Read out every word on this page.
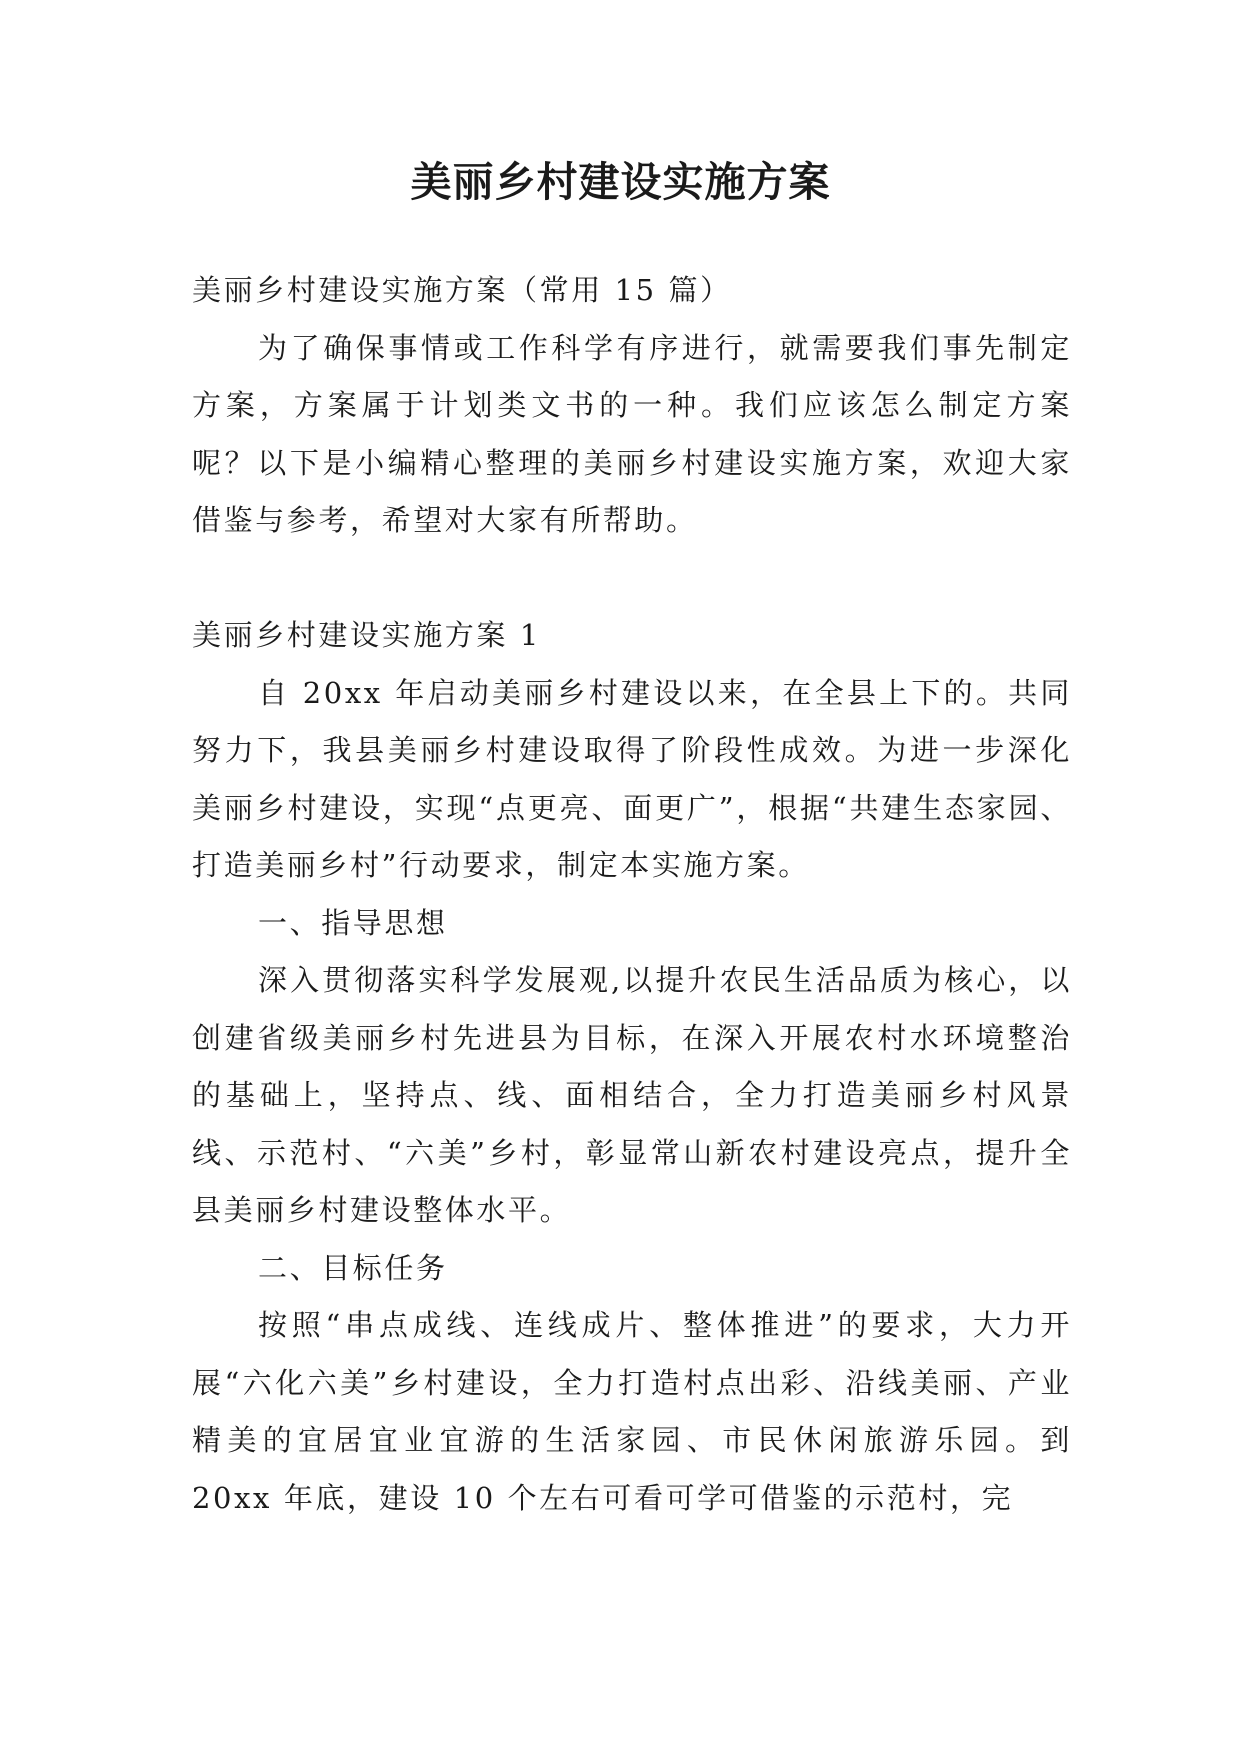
美丽乡村建设实施方案

美丽乡村建设实施方案（常用 15 篇）

为了确保事情或工作科学有序进行，就需要我们事先制定方案，方案属于计划类文书的一种。我们应该怎么制定方案呢？以下是小编精心整理的美丽乡村建设实施方案，欢迎大家借鉴与参考，希望对大家有所帮助。

美丽乡村建设实施方案 1

自 20xx 年启动美丽乡村建设以来，在全县上下的。共同努力下，我县美丽乡村建设取得了阶段性成效。为进一步深化美丽乡村建设，实现“点更亮、面更广”，根据“共建生态家园、打造美丽乡村”行动要求，制定本实施方案。

一、指导思想

深入贯彻落实科学发展观,以提升农民生活品质为核心，以创建省级美丽乡村先进县为目标，在深入开展农村水环境整治的基础上，坚持点、线、面相结合，全力打造美丽乡村风景线、示范村、“六美”乡村，彰显常山新农村建设亮点，提升全县美丽乡村建设整体水平。

二、目标任务

按照“串点成线、连线成片、整体推进”的要求，大力开展“六化六美”乡村建设，全力打造村点出彩、沿线美丽、产业精美的宜居宜业宜游的生活家园、市民休闲旅游乐园。到 20xx 年底，建设 10 个左右可看可学可借鉴的示范村，完
